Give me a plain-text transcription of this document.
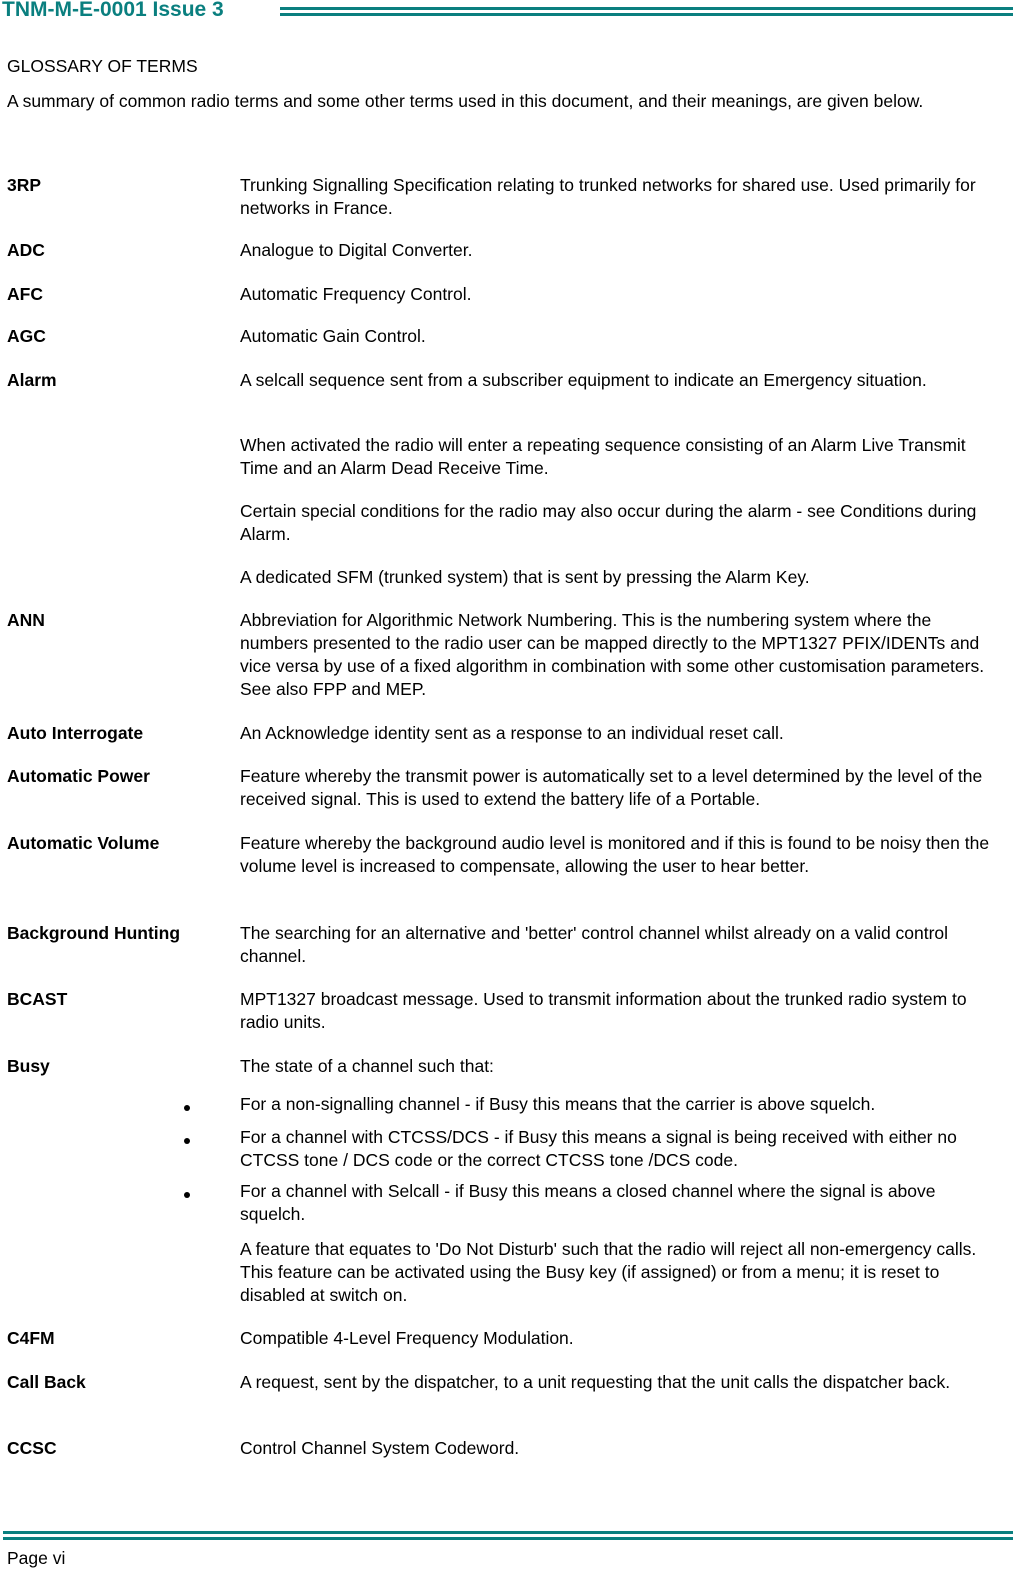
TNM-M-E-0001 Issue 3
GLOSSARY OF TERMS
A summary of common radio terms and some other terms used in this document, and their meanings, are given below.
3RP	Trunking Signalling Specification relating to trunked networks for shared use. Used primarily for networks in France.
ADC	Analogue to Digital Converter.
AFC	Automatic Frequency Control.
AGC	Automatic Gain Control.
Alarm	A selcall sequence sent from a subscriber equipment to indicate an Emergency situation.
When activated the radio will enter a repeating sequence consisting of an Alarm Live Transmit Time and an Alarm Dead Receive Time.
Certain special conditions for the radio may also occur during the alarm - see Conditions during Alarm.
A dedicated SFM (trunked system) that is sent by pressing the Alarm Key.
ANN	Abbreviation for Algorithmic Network Numbering. This is the numbering system where the numbers presented to the radio user can be mapped directly to the MPT1327 PFIX/IDENTs and vice versa by use of a fixed algorithm in combination with some other customisation parameters. See also FPP and MEP.
Auto Interrogate	An Acknowledge identity sent as a response to an individual reset call.
Automatic Power	Feature whereby the transmit power is automatically set to a level determined by the level of the received signal. This is used to extend the battery life of a Portable.
Automatic Volume	Feature whereby the background audio level is monitored and if this is found to be noisy then the volume level is increased to compensate, allowing the user to hear better.
Background Hunting	The searching for an alternative and 'better' control channel whilst already on a valid control channel.
BCAST	MPT1327 broadcast message. Used to transmit information about the trunked radio system to radio units.
Busy	The state of a channel such that:
For a non-signalling channel - if Busy this means that the carrier is above squelch.
For a channel with CTCSS/DCS - if Busy this means a signal is being received with either no CTCSS tone / DCS code or the correct CTCSS tone /DCS code.
For a channel with Selcall - if Busy this means a closed channel where the signal is above squelch.
A feature that equates to 'Do Not Disturb' such that the radio will reject all non-emergency calls. This feature can be activated using the Busy key (if assigned) or from a menu; it is reset to disabled at switch on.
C4FM	Compatible 4-Level Frequency Modulation.
Call Back	A request, sent by the dispatcher, to a unit requesting that the unit calls the dispatcher back.
CCSC	Control Channel System Codeword.
Page vi
